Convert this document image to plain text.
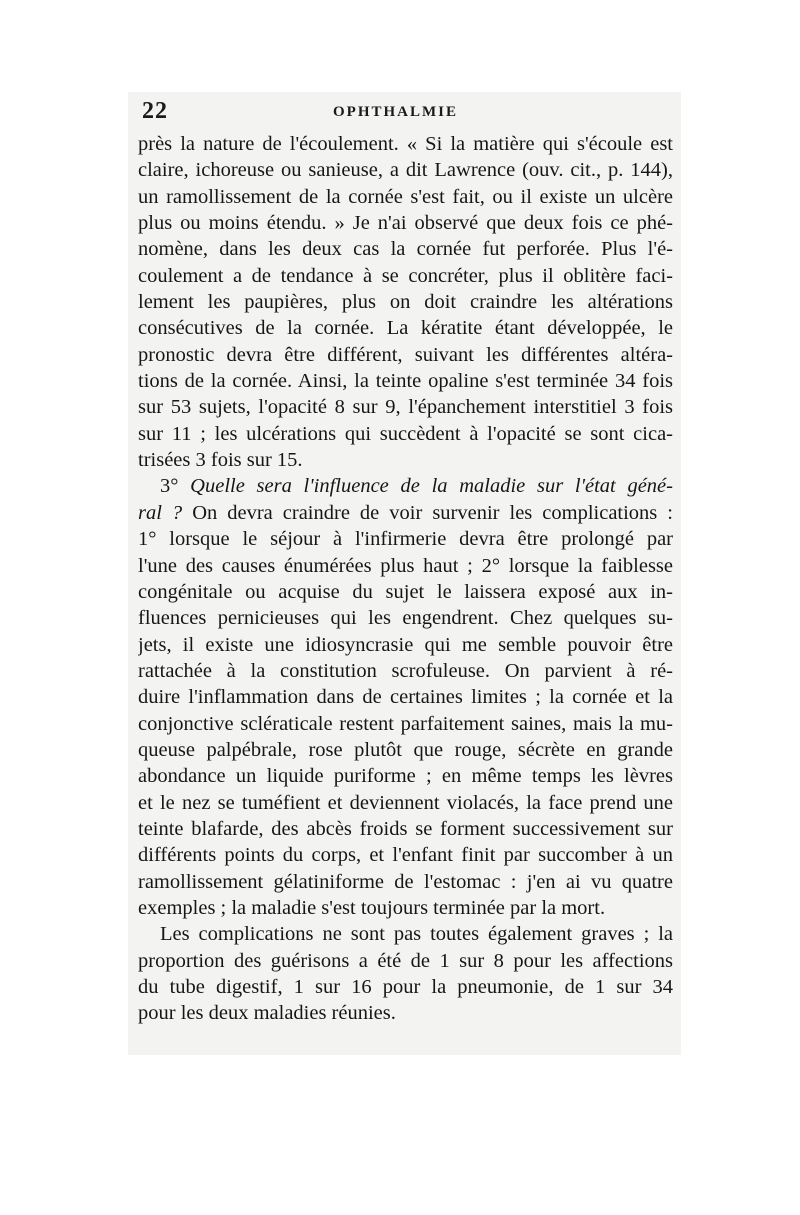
22	OPHTHALMIE
près la nature de l'écoulement. « Si la matière qui s'écoule est
claire, ichoreuse ou sanieuse, a dit Lawrence (ouv. cit., p. 144),
un ramollissement de la cornée s'est fait, ou il existe un ulcère
plus ou moins étendu. » Je n'ai observé que deux fois ce phé-
nomène, dans les deux cas la cornée fut perforée. Plus l'é-
coulement a de tendance à se concréter, plus il oblitère faci-
lement les paupières, plus on doit craindre les altérations
consécutives de la cornée. La kératite étant développée, le
pronostic devra être différent, suivant les différentes altéra-
tions de la cornée. Ainsi, la teinte opaline s'est terminée 34 fois
sur 53 sujets, l'opacité 8 sur 9, l'épanchement interstitiel 3 fois
sur 11 ; les ulcérations qui succèdent à l'opacité se sont cica-
trisées 3 fois sur 15.
3° Quelle sera l'influence de la maladie sur l'état géné-
ral ? On devra craindre de voir survenir les complications :
1° lorsque le séjour à l'infirmerie devra être prolongé par
l'une des causes énumérées plus haut ; 2° lorsque la faiblesse
congénitale ou acquise du sujet le laissera exposé aux in-
fluences pernicieuses qui les engendrent. Chez quelques su-
jets, il existe une idiosyncrasie qui me semble pouvoir être
rattachée à la constitution scrofuleuse. On parvient à ré-
duire l'inflammation dans de certaines limites ; la cornée et la
conjonctive sclératicale restent parfaitement saines, mais la mu-
queuse palpébrale, rose plutôt que rouge, sécrète en grande
abondance un liquide puriforme ; en même temps les lèvres
et le nez se tuméfient et deviennent violacés, la face prend une
teinte blafarde, des abcès froids se forment successivement sur
différents points du corps, et l'enfant finit par succomber à un
ramollissement gélatiniforme de l'estomac : j'en ai vu quatre
exemples ; la maladie s'est toujours terminée par la mort.
Les complications ne sont pas toutes également graves ; la
proportion des guérisons a été de 1 sur 8 pour les affections
du tube digestif, 1 sur 16 pour la pneumonie, de 1 sur 34
pour les deux maladies réunies.
